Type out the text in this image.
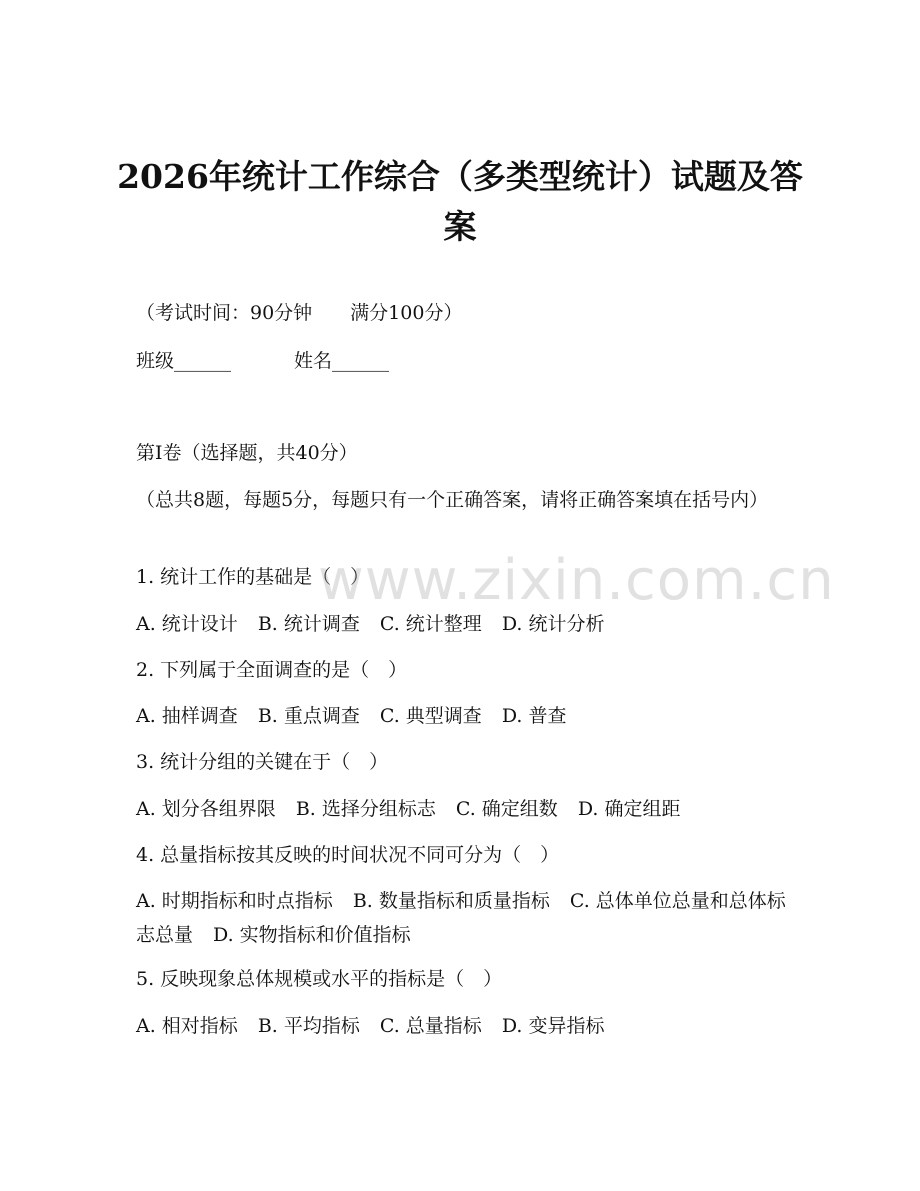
2026年统计工作综合（多类型统计）试题及答案
（考试时间：90分钟　　满分100分）
班级______	姓名______
第Ⅰ卷（选择题，共40分）
（总共8题，每题5分，每题只有一个正确答案，请将正确答案填在括号内）
1. 统计工作的基础是（　）
A. 统计设计 B. 统计调查 C. 统计整理 D. 统计分析
2. 下列属于全面调查的是（　）
A. 抽样调查 B. 重点调查 C. 典型调查 D. 普查
3. 统计分组的关键在于（　）
A. 划分各组界限 B. 选择分组标志 C. 确定组数 D. 确定组距
4. 总量指标按其反映的时间状况不同可分为（　）
A. 时期指标和时点指标 B. 数量指标和质量指标 C. 总体单位总量和总体标志总量 D. 实物指标和价值指标
5. 反映现象总体规模或水平的指标是（　）
A. 相对指标 B. 平均指标 C. 总量指标 D. 变异指标
www.zixin.com.cn
